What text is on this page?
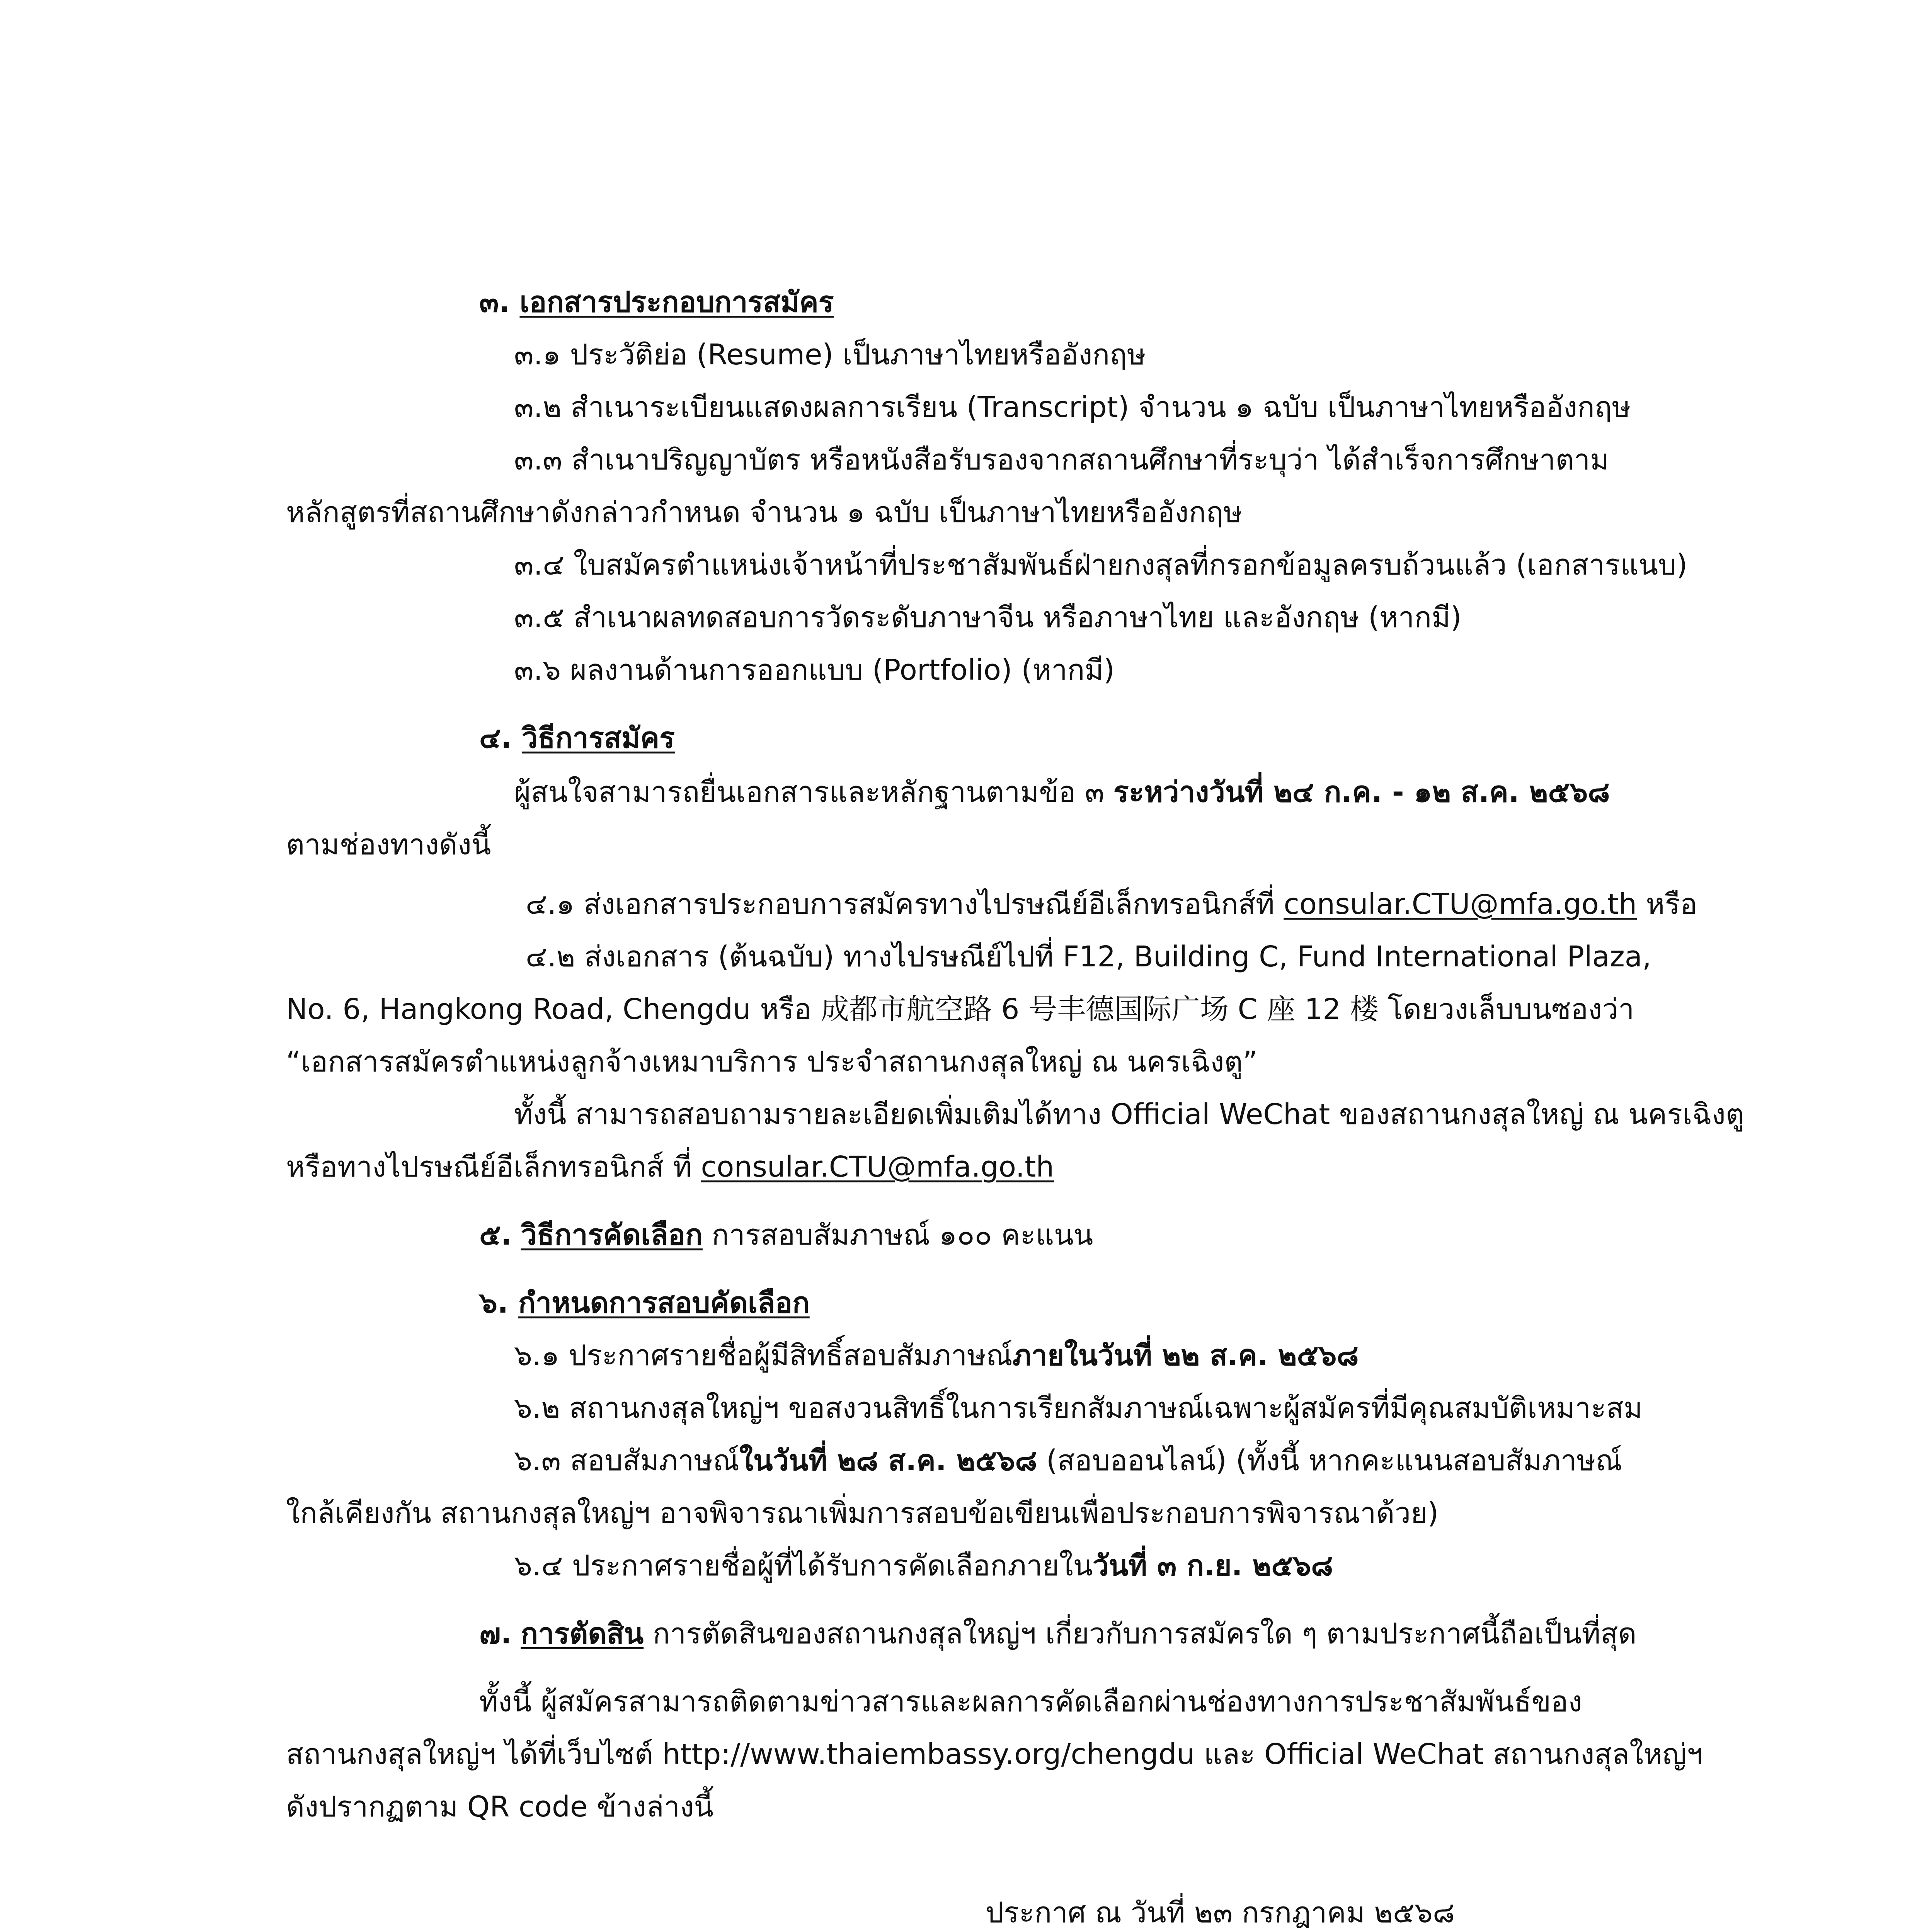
๓. เอกสารประกอบการสมัคร
๓.๑ ประวัติย่อ (Resume) เป็นภาษาไทยหรืออังกฤษ
๓.๒ สำเนาระเบียนแสดงผลการเรียน (Transcript) จำนวน ๑ ฉบับ เป็นภาษาไทยหรืออังกฤษ
๓.๓ สำเนาปริญญาบัตร หรือหนังสือรับรองจากสถานศึกษาที่ระบุว่า ได้สำเร็จการศึกษาตาม
หลักสูตรที่สถานศึกษาดังกล่าวกำหนด จำนวน ๑ ฉบับ เป็นภาษาไทยหรืออังกฤษ
๓.๔ ใบสมัครตำแหน่งเจ้าหน้าที่ประชาสัมพันธ์ฝ่ายกงสุลที่กรอกข้อมูลครบถ้วนแล้ว (เอกสารแนบ)
๓.๕ สำเนาผลทดสอบการวัดระดับภาษาจีน หรือภาษาไทย และอังกฤษ (หากมี)
๓.๖ ผลงานด้านการออกแบบ (Portfolio) (หากมี)
๔. วิธีการสมัคร
ผู้สนใจสามารถยื่นเอกสารและหลักฐานตามข้อ ๓ ระหว่างวันที่ ๒๔ ก.ค. - ๑๒ ส.ค. ๒๕๖๘
ตามช่องทางดังนี้
๔.๑ ส่งเอกสารประกอบการสมัครทางไปรษณีย์อีเล็กทรอนิกส์ที่ consular.CTU@mfa.go.th หรือ
๔.๒ ส่งเอกสาร (ต้นฉบับ) ทางไปรษณีย์ไปที่ F12, Building C, Fund International Plaza,
No. 6, Hangkong Road, Chengdu หรือ 成都市航空路 6 号丰德国际广场 C 座 12 楼 โดยวงเล็บบนซองว่า
“เอกสารสมัครตำแหน่งลูกจ้างเหมาบริการ ประจำสถานกงสุลใหญ่ ณ นครเฉิงตู”
ทั้งนี้ สามารถสอบถามรายละเอียดเพิ่มเติมได้ทาง Official WeChat ของสถานกงสุลใหญ่ ณ นครเฉิงตู
หรือทางไปรษณีย์อีเล็กทรอนิกส์ ที่ consular.CTU@mfa.go.th
๕. วิธีการคัดเลือก การสอบสัมภาษณ์ ๑๐๐ คะแนน
๖. กำหนดการสอบคัดเลือก
๖.๑ ประกาศรายชื่อผู้มีสิทธิ์สอบสัมภาษณ์ภายในวันที่ ๒๒ ส.ค. ๒๕๖๘
๖.๒ สถานกงสุลใหญ่ฯ ขอสงวนสิทธิ์ในการเรียกสัมภาษณ์เฉพาะผู้สมัครที่มีคุณสมบัติเหมาะสม
๖.๓ สอบสัมภาษณ์ในวันที่ ๒๘ ส.ค. ๒๕๖๘ (สอบออนไลน์) (ทั้งนี้ หากคะแนนสอบสัมภาษณ์
ใกล้เคียงกัน สถานกงสุลใหญ่ฯ อาจพิจารณาเพิ่มการสอบข้อเขียนเพื่อประกอบการพิจารณาด้วย)
๖.๔ ประกาศรายชื่อผู้ที่ได้รับการคัดเลือกภายในวันที่ ๓ ก.ย. ๒๕๖๘
๗. การตัดสิน การตัดสินของสถานกงสุลใหญ่ฯ เกี่ยวกับการสมัครใด ๆ ตามประกาศนี้ถือเป็นที่สุด
ทั้งนี้ ผู้สมัครสามารถติดตามข่าวสารและผลการคัดเลือกผ่านช่องทางการประชาสัมพันธ์ของ
สถานกงสุลใหญ่ฯ ได้ที่เว็บไซต์ http://www.thaiembassy.org/chengdu และ Official WeChat สถานกงสุลใหญ่ฯ
ดังปรากฏตาม QR code ข้างล่างนี้
ประกาศ ณ วันที่ ๒๓ กรกฎาคม ๒๕๖๘
